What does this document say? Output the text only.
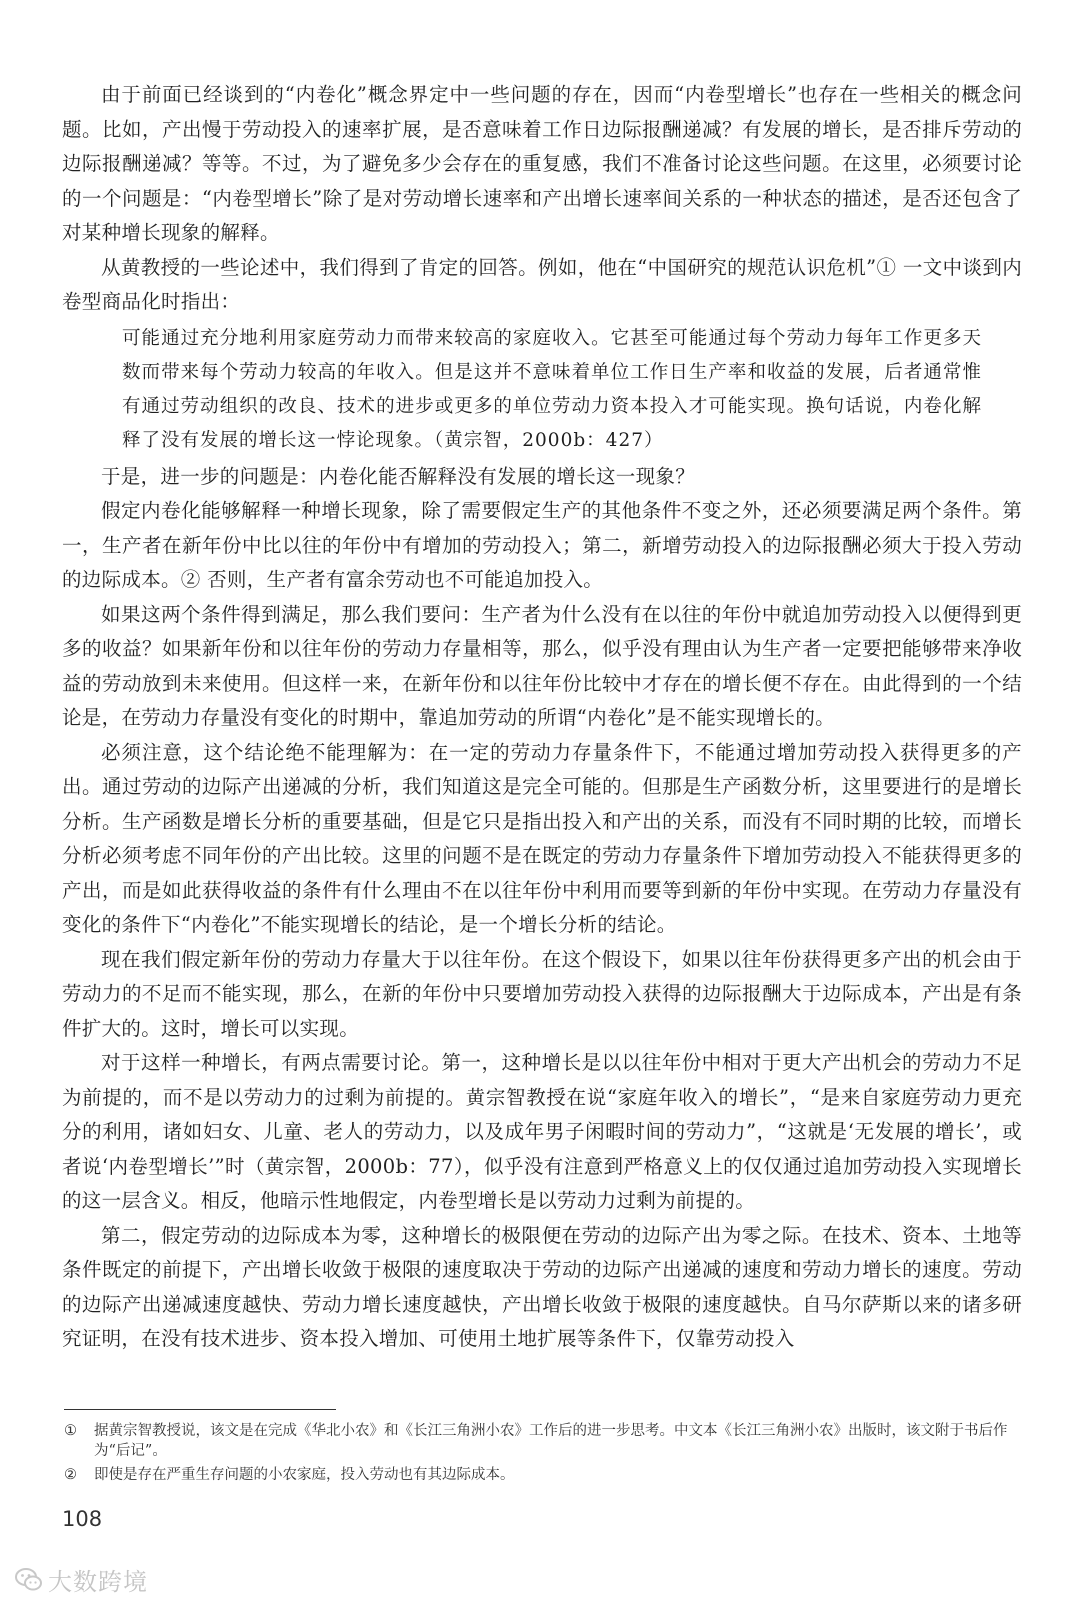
由于前面已经谈到的“内卷化”概念界定中一些问题的存在，因而“内卷型增长”也存在一些相关的概念问题。比如，产出慢于劳动投入的速率扩展，是否意味着工作日边际报酬递减？有发展的增长，是否排斥劳动的边际报酬递减？等等。不过，为了避免多少会存在的重复感，我们不准备讨论这些问题。在这里，必须要讨论的一个问题是：“内卷型增长”除了是对劳动增长速率和产出增长速率间关系的一种状态的描述，是否还包含了对某种增长现象的解释。

从黄教授的一些论述中，我们得到了肯定的回答。例如，他在“中国研究的规范认识危机”① 一文中谈到内卷型商品化时指出：

可能通过充分地利用家庭劳动力而带来较高的家庭收入。它甚至可能通过每个劳动力每年工作更多天数而带来每个劳动力较高的年收入。但是这并不意味着单位工作日生产率和收益的发展，后者通常惟有通过劳动组织的改良、技术的进步或更多的单位劳动力资本投入才可能实现。换句话说，内卷化解释了没有发展的增长这一悖论现象。（黄宗智，2000b：427）

于是，进一步的问题是：内卷化能否解释没有发展的增长这一现象？

假定内卷化能够解释一种增长现象，除了需要假定生产的其他条件不变之外，还必须要满足两个条件。第一，生产者在新年份中比以往的年份中有增加的劳动投入；第二，新增劳动投入的边际报酬必须大于投入劳动的边际成本。② 否则，生产者有富余劳动也不可能追加投入。

如果这两个条件得到满足，那么我们要问：生产者为什么没有在以往的年份中就追加劳动投入以便得到更多的收益？如果新年份和以往年份的劳动力存量相等，那么，似乎没有理由认为生产者一定要把能够带来净收益的劳动放到未来使用。但这样一来，在新年份和以往年份比较中才存在的增长便不存在。由此得到的一个结论是，在劳动力存量没有变化的时期中，靠追加劳动的所谓“内卷化”是不能实现增长的。

必须注意，这个结论绝不能理解为：在一定的劳动力存量条件下，不能通过增加劳动投入获得更多的产出。通过劳动的边际产出递减的分析，我们知道这是完全可能的。但那是生产函数分析，这里要进行的是增长分析。生产函数是增长分析的重要基础，但是它只是指出投入和产出的关系，而没有不同时期的比较，而增长分析必须考虑不同年份的产出比较。这里的问题不是在既定的劳动力存量条件下增加劳动投入不能获得更多的产出，而是如此获得收益的条件有什么理由不在以往年份中利用而要等到新的年份中实现。在劳动力存量没有变化的条件下“内卷化”不能实现增长的结论，是一个增长分析的结论。

现在我们假定新年份的劳动力存量大于以往年份。在这个假设下，如果以往年份获得更多产出的机会由于劳动力的不足而不能实现，那么，在新的年份中只要增加劳动投入获得的边际报酬大于边际成本，产出是有条件扩大的。这时，增长可以实现。

对于这样一种增长，有两点需要讨论。第一，这种增长是以以往年份中相对于更大产出机会的劳动力不足为前提的，而不是以劳动力的过剩为前提的。黄宗智教授在说“家庭年收入的增长”，“是来自家庭劳动力更充分的利用，诸如妇女、儿童、老人的劳动力，以及成年男子闲暇时间的劳动力”，“这就是‘无发展的增长’，或者说‘内卷型增长’”时（黄宗智，2000b：77），似乎没有注意到严格意义上的仅仅通过追加劳动投入实现增长的这一层含义。相反，他暗示性地假定，内卷型增长是以劳动力过剩为前提的。

第二，假定劳动的边际成本为零，这种增长的极限便在劳动的边际产出为零之际。在技术、资本、土地等条件既定的前提下，产出增长收敛于极限的速度取决于劳动的边际产出递减的速度和劳动力增长的速度。劳动的边际产出递减速度越快、劳动力增长速度越快，产出增长收敛于极限的速度越快。自马尔萨斯以来的诸多研究证明，在没有技术进步、资本投入增加、可使用土地扩展等条件下，仅靠劳动投入

①	据黄宗智教授说，该文是在完成《华北小农》和《长江三角洲小农》工作后的进一步思考。中文本《长江三角洲小农》出版时，该文附于书后作为“后记”。
②	即使是存在严重生存问题的小农家庭，投入劳动也有其边际成本。
108
大数跨境
